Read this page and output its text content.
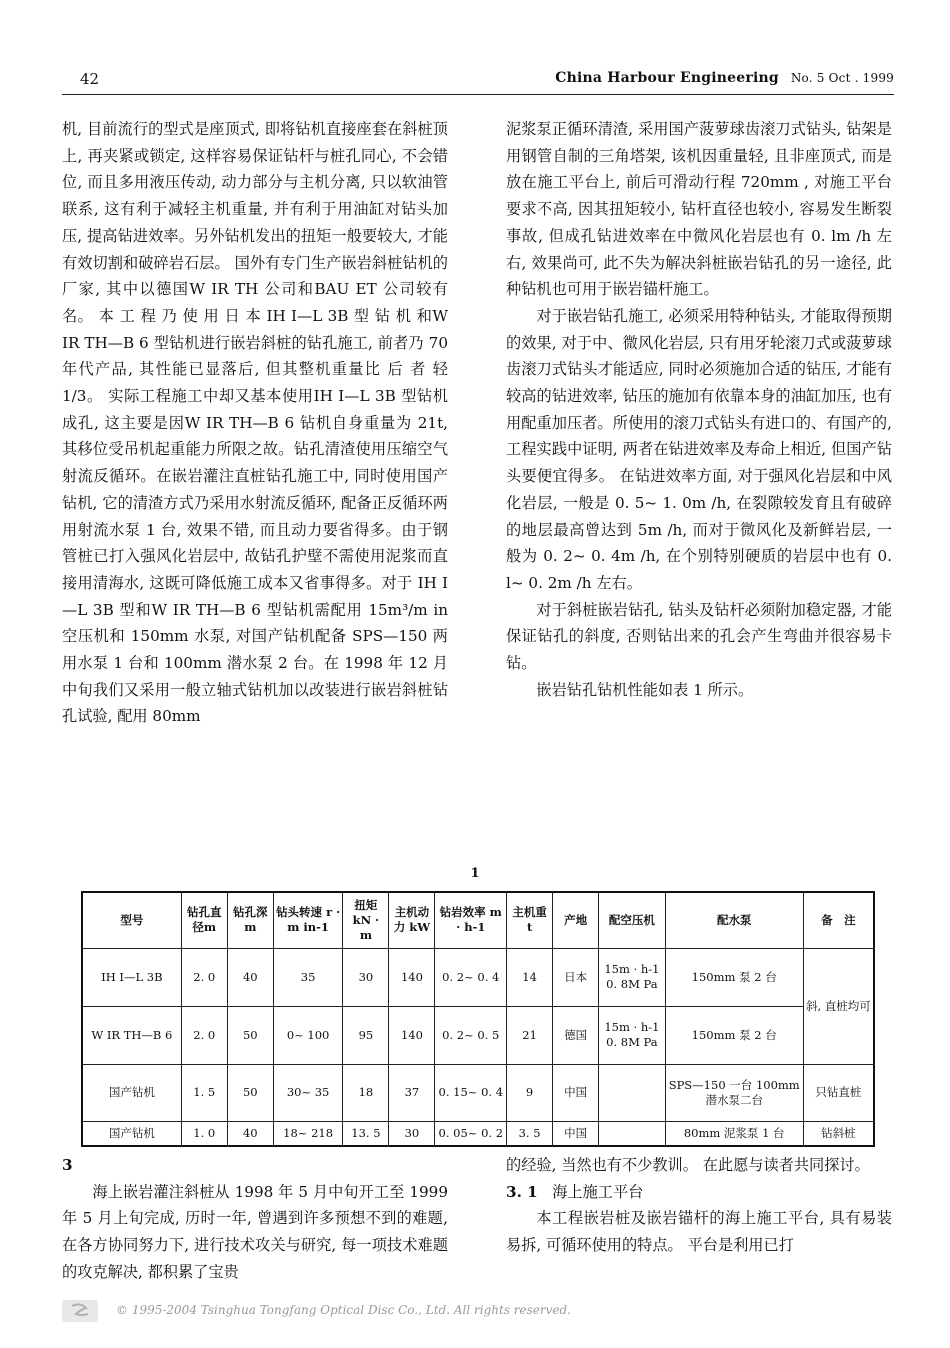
42	China Harbour Engineering No. 5 Oct . 1999

机, 目前流行的型式是座顶式, 即将钻机直接座套在斜桩顶上, 再夹紧或锁定, 这样容易保证钻杆与桩孔同心, 不会错位, 而且多用液压传动, 动力部分与主机分离, 只以软油管联系, 这有利于减轻主机重量, 并有利于用油缸对钻头加压, 提高钻进效率。另外钻机发出的扭矩一般要较大, 才能有效切割和破碎岩石层。 国外有专门生产嵌岩斜桩钻机的厂家, 其中以德国W IR TH 公司和BAU ET 公司较有名。 本 工 程 乃 使 用 日 本 IH I—L 3B 型 钻 机 和W IR TH—B 6 型钻机进行嵌岩斜桩的钻孔施工, 前者乃 70 年代产品, 其性能已显落后, 但其整机重量比 后 者 轻 1/3。 实际工程施工中却又基本使用IH I—L 3B 型钻机成孔, 这主要是因W IR TH—B 6 钻机自身重量为 21t, 其移位受吊机起重能力所限之故。钻孔清渣使用压缩空气射流反循环。在嵌岩灌注直桩钻孔施工中, 同时使用国产钻机, 它的清渣方式乃采用水射流反循环, 配备正反循环两用射流水泵 1 台, 效果不错, 而且动力要省得多。由于钢管桩已打入强风化岩层中, 故钻孔护壁不需使用泥浆而直接用清海水, 这既可降低施工成本又省事得多。对于 IH I—L 3B 型和W IR TH—B 6 型钻机需配用 15m³/m in 空压机和 150mm 水泵, 对国产钻机配备 SPS—150 两用水泵 1 台和 100mm 潜水泵 2 台。在 1998 年 12 月中旬我们又采用一般立轴式钻机加以改装进行嵌岩斜桩钻孔试验, 配用 80mm

泥浆泵正循环清渣, 采用国产菠萝球齿滚刀式钻头, 钻架是用钢管自制的三角塔架, 该机因重量轻, 且非座顶式, 而是放在施工平台上, 前后可滑动行程 720mm , 对施工平台要求不高, 因其扭矩较小, 钻杆直径也较小, 容易发生断裂事故, 但成孔钻进效率在中微风化岩层也有 0. lm /h 左右, 效果尚可, 此不失为解决斜桩嵌岩钻孔的另一途径, 此种钻机也可用于嵌岩锚杆施工。

对于嵌岩钻孔施工, 必须采用特种钻头, 才能取得预期的效果, 对于中、微风化岩层, 只有用牙轮滚刀式或菠萝球齿滚刀式钻头才能适应, 同时必须施加合适的钻压, 才能有较高的钻进效率, 钻压的施加有依靠本身的油缸加压, 也有用配重加压者。所使用的滚刀式钻头有进口的、有国产的, 工程实践中证明, 两者在钻进效率及寿命上相近, 但国产钻头要便宜得多。 在钻进效率方面, 对于强风化岩层和中风化岩层, 一般是 0. 5~ 1. 0m /h, 在裂隙较发育且有破碎的地层最高曾达到 5m /h, 而对于微风化及新鲜岩层, 一般为 0. 2~ 0. 4m /h, 在个别特别硬质的岩层中也有 0. l~ 0. 2m /h 左右。

对于斜桩嵌岩钻孔, 钻头及钻杆必须附加稳定器, 才能保证钻孔的斜度, 否则钻出来的孔会产生弯曲并很容易卡钻。

嵌岩钻孔钻机性能如表 1 所示。

1
型号	钻孔直径m	钻孔深m	钻头转速 r · m in-1	扭矩 kN · m	主机动力 kW	钻岩效率 m · h-1	主机重 t	产地	配空压机	配水泵	备　注
IH I—L 3B	2. 0	40	35	30	140	0. 2~ 0. 4	14	日本	15m · h-1 0. 8M Pa	150mm 泵 2 台	斜, 直桩均可
W IR TH—B 6	2. 0	50	0~ 100	95	140	0. 2~ 0. 5	21	德国	15m · h-1 0. 8M Pa	150mm 泵 2 台	
国产钻机	1. 5	50	30~ 35	18	37	0. 15~ 0. 4	9	中国		SPS—150 一台 100mm 潜水泵二台	只钻直桩
国产钻机	1. 0	40	18~ 218	13. 5	30	0. 05~ 0. 2	3. 5	中国		80mm 泥浆泵 1 台	钻斜桩

3

海上嵌岩灌注斜桩从 1998 年 5 月中旬开工至 1999 年 5 月上旬完成, 历时一年, 曾遇到许多预想不到的难题, 在各方协同努力下, 进行技术攻关与研究, 每一项技术难题的攻克解决, 都积累了宝贵

的经验, 当然也有不少教训。 在此愿与读者共同探讨。

3. 1 海上施工平台

本工程嵌岩桩及嵌岩锚杆的海上施工平台, 具有易装易拆, 可循环使用的特点。 平台是利用已打

© 1995-2004 Tsinghua Tongfang Optical Disc Co., Ltd. All rights reserved.
